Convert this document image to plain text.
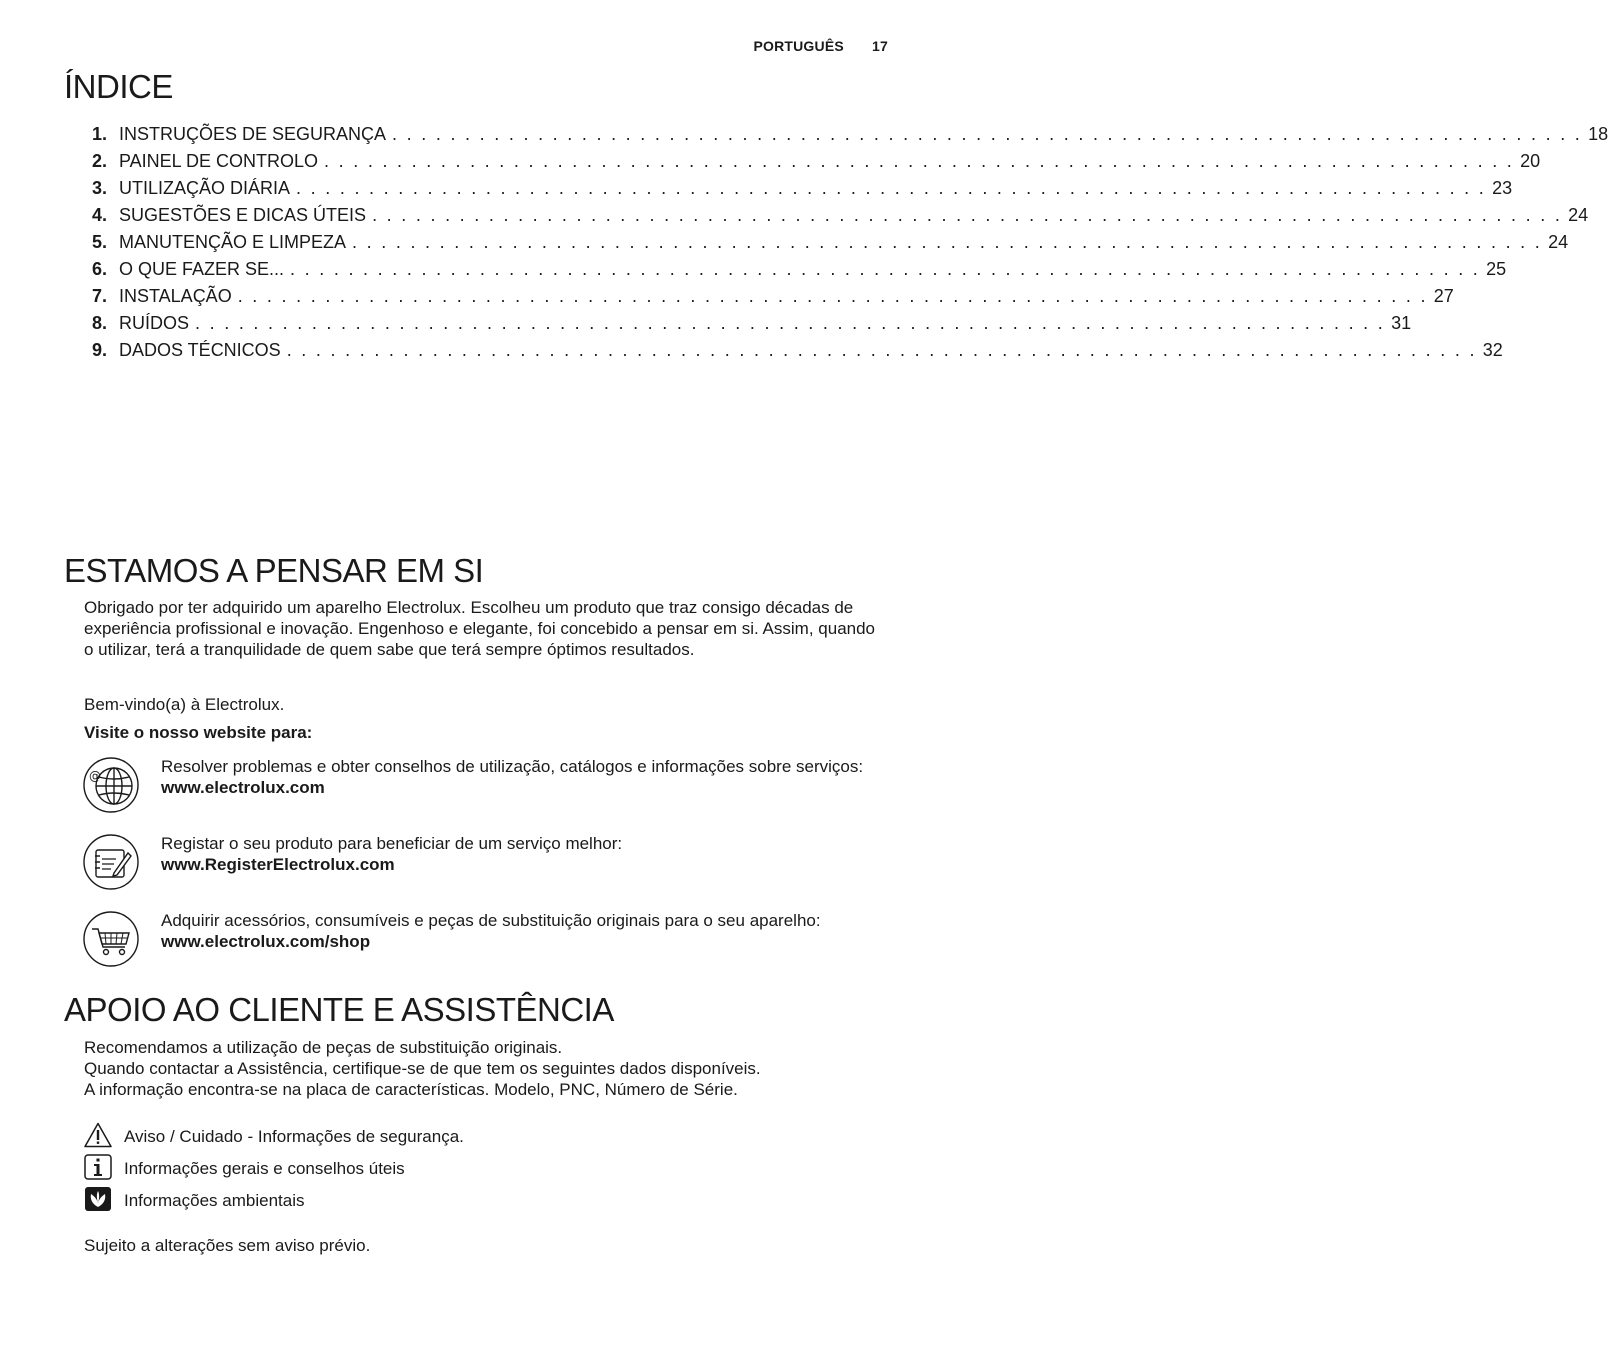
PORTUGUÊS 17
ÍNDICE
1. INSTRUÇÕES DE SEGURANÇA . . . . . . . . . . . . . . . . . . . . . . . . . . . . . . . . . . . . . . . . . . . . . . . . . . . . . . . . . . . . . . . . . . . . . . . . . . . . . . . . . . 18
2. PAINEL DE CONTROLO . . . . . . . . . . . . . . . . . . . . . . . . . . . . . . . . . . . . . . . . . . . . . . . . . . . . . . . . . . . . . . . . . . . . . . . . . . . . . . . . . . 20
3. UTILIZAÇÃO DIÁRIA . . . . . . . . . . . . . . . . . . . . . . . . . . . . . . . . . . . . . . . . . . . . . . . . . . . . . . . . . . . . . . . . . . . . . . . . . . . . . . . . . . 23
4. SUGESTÕES E DICAS ÚTEIS . . . . . . . . . . . . . . . . . . . . . . . . . . . . . . . . . . . . . . . . . . . . . . . . . . . . . . . . . . . . . . . . . . . . . . . . . . . . . . . . . . 24
5. MANUTENÇÃO E LIMPEZA . . . . . . . . . . . . . . . . . . . . . . . . . . . . . . . . . . . . . . . . . . . . . . . . . . . . . . . . . . . . . . . . . . . . . . . . . . . . . . . . . . 24
6. O QUE FAZER SE... . . . . . . . . . . . . . . . . . . . . . . . . . . . . . . . . . . . . . . . . . . . . . . . . . . . . . . . . . . . . . . . . . . . . . . . . . . . . . . . . . . 25
7. INSTALAÇÃO . . . . . . . . . . . . . . . . . . . . . . . . . . . . . . . . . . . . . . . . . . . . . . . . . . . . . . . . . . . . . . . . . . . . . . . . . . . . . . . . . . 27
8. RUÍDOS . . . . . . . . . . . . . . . . . . . . . . . . . . . . . . . . . . . . . . . . . . . . . . . . . . . . . . . . . . . . . . . . . . . . . . . . . . . . . . . . . . 31
9. DADOS TÉCNICOS . . . . . . . . . . . . . . . . . . . . . . . . . . . . . . . . . . . . . . . . . . . . . . . . . . . . . . . . . . . . . . . . . . . . . . . . . . . . . . . . . . 32
ESTAMOS A PENSAR EM SI

Obrigado por ter adquirido um aparelho Electrolux. Escolheu um produto que traz consigo décadas de experiência profissional e inovação. Engenhoso e elegante, foi concebido a pensar em si. Assim, quando o utilizar, terá a tranquilidade de quem sabe que terá sempre óptimos resultados.

Bem-vindo(a) à Electrolux.

Visite o nosso website para:

@	Resolver problemas e obter conselhos de utilização, catálogos e informações sobre serviços:
www.electrolux.com
Registar o seu produto para beneficiar de um serviço melhor:
www.RegisterElectrolux.com
Adquirir acessórios, consumíveis e peças de substituição originais para o seu aparelho:
www.electrolux.com/shop
APOIO AO CLIENTE E ASSISTÊNCIA
Recomendamos a utilização de peças de substituição originais.
Quando contactar a Assistência, certifique-se de que tem os seguintes dados disponíveis.
A informação encontra-se na placa de características. Modelo, PNC, Número de Série.
Aviso / Cuidado - Informações de segurança.
Informações gerais e conselhos úteis
Informações ambientais

Sujeito a alterações sem aviso prévio.
